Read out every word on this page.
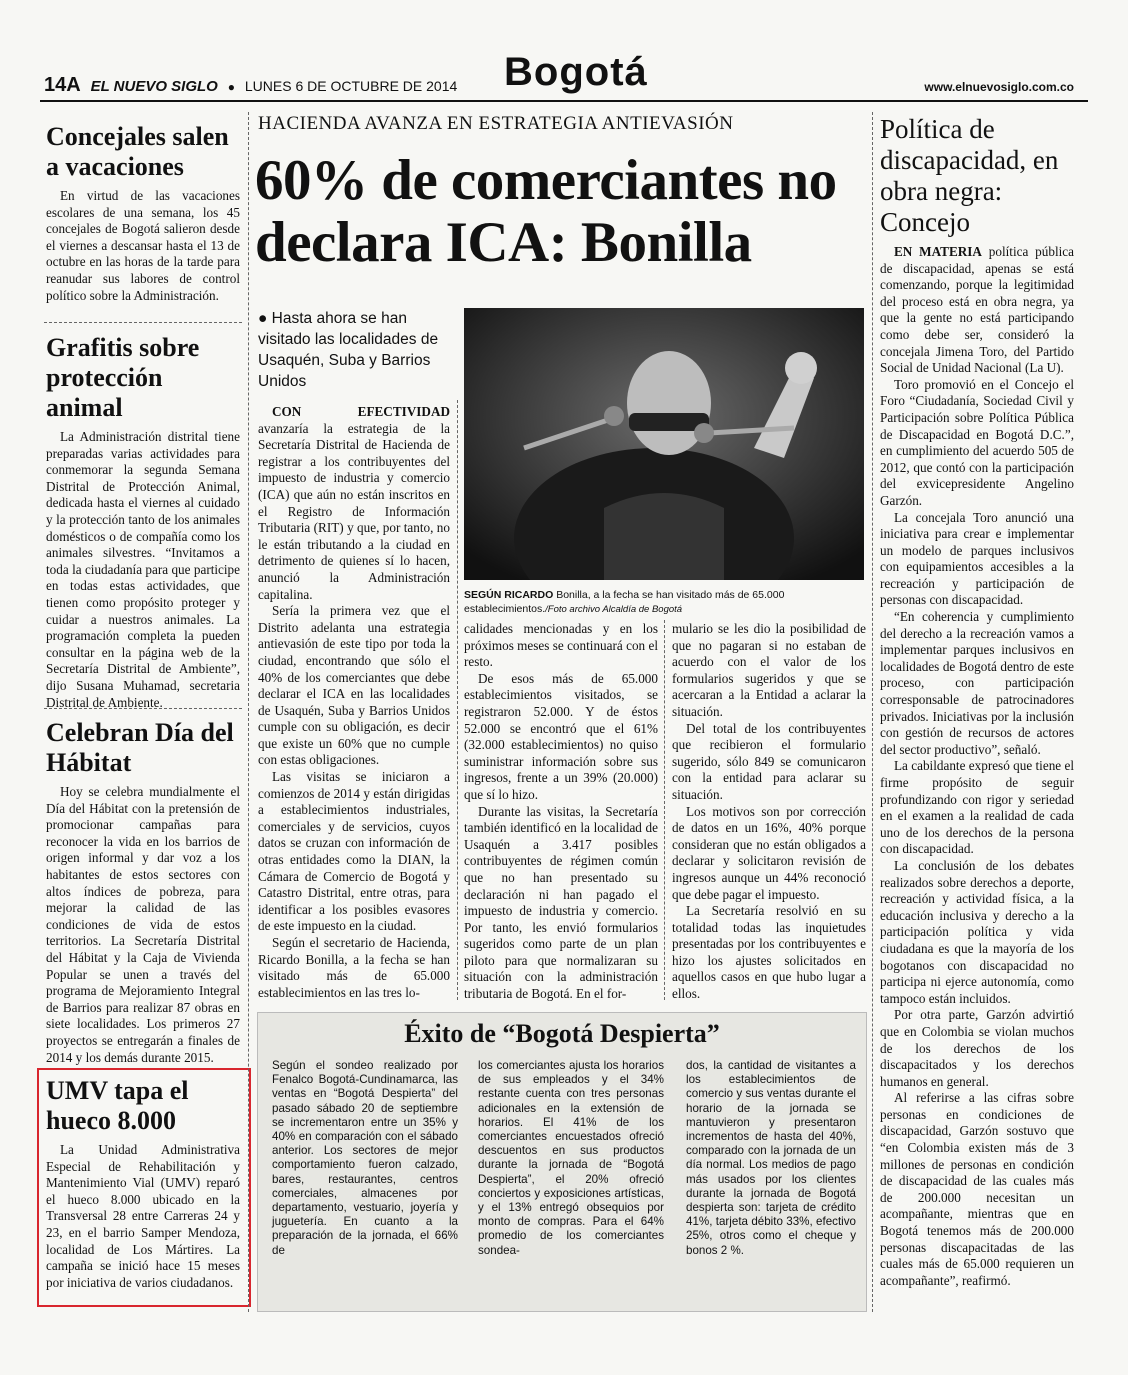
14A EL NUEVO SIGLO ● LUNES 6 DE OCTUBRE DE 2014 Bogotá	www.elnuevosiglo.com.co
Concejales salen a vacaciones

En virtud de las vacaciones escolares de una semana, los 45 concejales de Bogotá salieron desde el viernes a descansar hasta el 13 de octubre en las horas de la tarde para reanudar sus labores de control político sobre la Administración.

Grafitis sobre protección animal

La Administración distrital tiene preparadas varias actividades para conmemorar la segunda Semana Distrital de Protección Animal, dedicada hasta el viernes al cuidado y la protección tanto de los animales domésticos o de compañía como los animales silvestres. “Invitamos a toda la ciudadanía para que participe en todas estas actividades, que tienen como propósito proteger y cuidar a nuestros animales. La programación completa la pueden consultar en la página web de la Secretaría Distrital de Ambiente”, dijo Susana Muhamad, secretaria Distrital de Ambiente.

Celebran Día del Hábitat

Hoy se celebra mundialmente el Día del Hábitat con la pretensión de promocionar campañas para reconocer la vida en los barrios de origen informal y dar voz a los habitantes de estos sectores con altos índices de pobreza, para mejorar la calidad de las condiciones de vida de estos territorios. La Secretaría Distrital del Hábitat y la Caja de Vivienda Popular se unen a través del programa de Mejoramiento Integral de Barrios para realizar 87 obras en siete localidades. Los primeros 27 proyectos se entregarán a finales de 2014 y los demás durante 2015.

UMV tapa el hueco 8.000

La Unidad Administrativa Especial de Rehabilitación y Mantenimiento Vial (UMV) reparó el hueco 8.000 ubicado en la Transversal 28 entre Carreras 24 y 23, en el barrio Samper Mendoza, localidad de Los Mártires. La campaña se inició hace 15 meses por iniciativa de varios ciudadanos.

HACIENDA AVANZA EN ESTRATEGIA ANTIEVASIÓN
60% de comerciantes no declara ICA: Bonilla
● Hasta ahora se han visitado las localidades de Usaquén, Suba y Barrios Unidos
SEGÚN RICARDO Bonilla, a la fecha se han visitado más de 65.000 establecimientos./Foto archivo Alcaldía de Bogotá

CON EFECTIVIDAD avanzaría la estrategia de la Secretaría Distrital de Hacienda de registrar a los contribuyentes del impuesto de industria y comercio (ICA) que aún no están inscritos en el Registro de Información Tributaria (RIT) y que, por tanto, no le están tributando a la ciudad en detrimento de quienes sí lo hacen, anunció la Administración capitalina.

Sería la primera vez que el Distrito adelanta una estrategia antievasión de este tipo por toda la ciudad, encontrando que sólo el 40% de los comerciantes que debe declarar el ICA en las localidades de Usaquén, Suba y Barrios Unidos cumple con su obligación, es decir que existe un 60% que no cumple con estas obligaciones.

Las visitas se iniciaron a comienzos de 2014 y están dirigidas a establecimientos industriales, comerciales y de servicios, cuyos datos se cruzan con información de otras entidades como la DIAN, la Cámara de Comercio de Bogotá y Catastro Distrital, entre otras, para identificar a los posibles evasores de este impuesto en la ciudad.

Según el secretario de Hacienda, Ricardo Bonilla, a la fecha se han visitado más de 65.000 establecimientos en las tres lo-

calidades mencionadas y en los próximos meses se continuará con el resto.

De esos más de 65.000 establecimientos visitados, se registraron 52.000. Y de éstos 52.000 se encontró que el 61% (32.000 establecimientos) no quiso suministrar información sobre sus ingresos, frente a un 39% (20.000) que sí lo hizo.

Durante las visitas, la Secretaría también identificó en la localidad de Usaquén a 3.417 posibles contribuyentes de régimen común que no han presentado su declaración ni han pagado el impuesto de industria y comercio. Por tanto, les envió formularios sugeridos como parte de un plan piloto para que normalizaran su situación con la administración tributaria de Bogotá. En el for-

mulario se les dio la posibilidad de que no pagaran si no estaban de acuerdo con el valor de los formularios sugeridos y que se acercaran a la Entidad a aclarar la situación.

Del total de los contribuyentes que recibieron el formulario sugerido, sólo 849 se comunicaron con la entidad para aclarar su situación.

Los motivos son por corrección de datos en un 16%, 40% porque consideran que no están obligados a declarar y solicitaron revisión de ingresos aunque un 44% reconoció que debe pagar el impuesto.

La Secretaría resolvió en su totalidad todas las inquietudes presentadas por los contribuyentes e hizo los ajustes solicitados en aquellos casos en que hubo lugar a ellos.

Éxito de “Bogotá Despierta”
Según el sondeo realizado por Fenalco Bogotá-Cundinamarca, las ventas en “Bogotá Despierta” del pasado sábado 20 de septiembre se incrementaron entre un 35% y 40% en comparación con el sábado anterior. Los sectores de mejor comportamiento fueron calzado, bares, restaurantes, centros comerciales, almacenes por departamento, vestuario, joyería y juguetería. En cuanto a la preparación de la jornada, el 66% de
los comerciantes ajusta los horarios de sus empleados y el 34% restante cuenta con tres personas adicionales en la extensión de horarios. El 41% de los comerciantes encuestados ofreció descuentos en sus productos durante la jornada de “Bogotá Despierta”, el 20% ofreció conciertos y exposiciones artísticas, y el 13% entregó obsequios por monto de compras. Para el 64% promedio de los comerciantes sondea-
dos, la cantidad de visitantes a los establecimientos de comercio y sus ventas durante el horario de la jornada se mantuvieron y presentaron incrementos de hasta del 40%, comparado con la jornada de un día normal. Los medios de pago más usados por los clientes durante la jornada de Bogotá despierta son: tarjeta de crédito 41%, tarjeta débito 33%, efectivo 25%, otros como el cheque y bonos 2 %.
Política de discapacidad, en obra negra: Concejo

EN MATERIA política pública de discapacidad, apenas se está comenzando, porque la legitimidad del proceso está en obra negra, ya que la gente no está participando como debe ser, consideró la concejala Jimena Toro, del Partido Social de Unidad Nacional (La U).

Toro promovió en el Concejo el Foro “Ciudadanía, Sociedad Civil y Participación sobre Política Pública de Discapacidad en Bogotá D.C.”, en cumplimiento del acuerdo 505 de 2012, que contó con la participación del exvicepresidente Angelino Garzón.

La concejala Toro anunció una iniciativa para crear e implementar un modelo de parques inclusivos con equipamientos accesibles a la recreación y participación de personas con discapacidad.

“En coherencia y cumplimiento del derecho a la recreación vamos a implementar parques inclusivos en localidades de Bogotá dentro de este proceso, con participación corresponsable de patrocinadores privados. Iniciativas por la inclusión con gestión de recursos de actores del sector productivo”, señaló.

La cabildante expresó que tiene el firme propósito de seguir profundizando con rigor y seriedad en el examen a la realidad de cada uno de los derechos de la persona con discapacidad.

La conclusión de los debates realizados sobre derechos a deporte, recreación y actividad física, a la educación inclusiva y derecho a la participación política y vida ciudadana es que la mayoría de los bogotanos con discapacidad no participa ni ejerce autonomía, como tampoco están incluidos.

Por otra parte, Garzón advirtió que en Colombia se violan muchos de los derechos de los discapacitados y los derechos humanos en general.

Al referirse a las cifras sobre personas en condiciones de discapacidad, Garzón sostuvo que “en Colombia existen más de 3 millones de personas en condición de discapacidad de las cuales más de 200.000 necesitan un acompañante, mientras que en Bogotá tenemos más de 200.000 personas discapacitadas de las cuales más de 65.000 requieren un acompañante”, reafirmó.
